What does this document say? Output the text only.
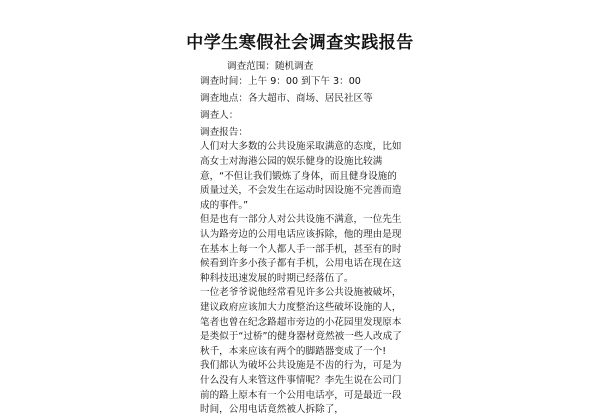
中学生寒假社会调查实践报告
调查范围：随机调查
调查时间：上午 9：00 到下午 3：00
调查地点：各大超市、商场、居民社区等
调查人：
调查报告：
人们对大多数的公共设施采取满意的态度，比如高女士对海港公园的娱乐健身的设施比较满意，“不但让我们锻炼了身体，而且健身设施的质量过关，不会发生在运动时因设施不完善而造成的事件。”
但是也有一部分人对公共设施不满意，一位先生认为路旁边的公用电话应该拆除，他的理由是现在基本上每一个人都人手一部手机，甚至有的时候看到许多小孩子都有手机，公用电话在现在这种科技迅速发展的时期已经落伍了。
一位老爷爷说他经常看见许多公共设施被破坏，建议政府应该加大力度整治这些破坏设施的人，笔者也曾在纪念路超市旁边的小花园里发现原本是类似于“过桥”的健身器材竟然被一些人改成了秋千，本来应该有两个的脚踏器变成了一个!
我们都认为破坏公共设施是不齿的行为，可是为什么没有人来管这件事情呢？李先生说在公司门前的路上原本有一个公用电话亭，可是最近一段时间，公用电话竟然被人拆除了，
